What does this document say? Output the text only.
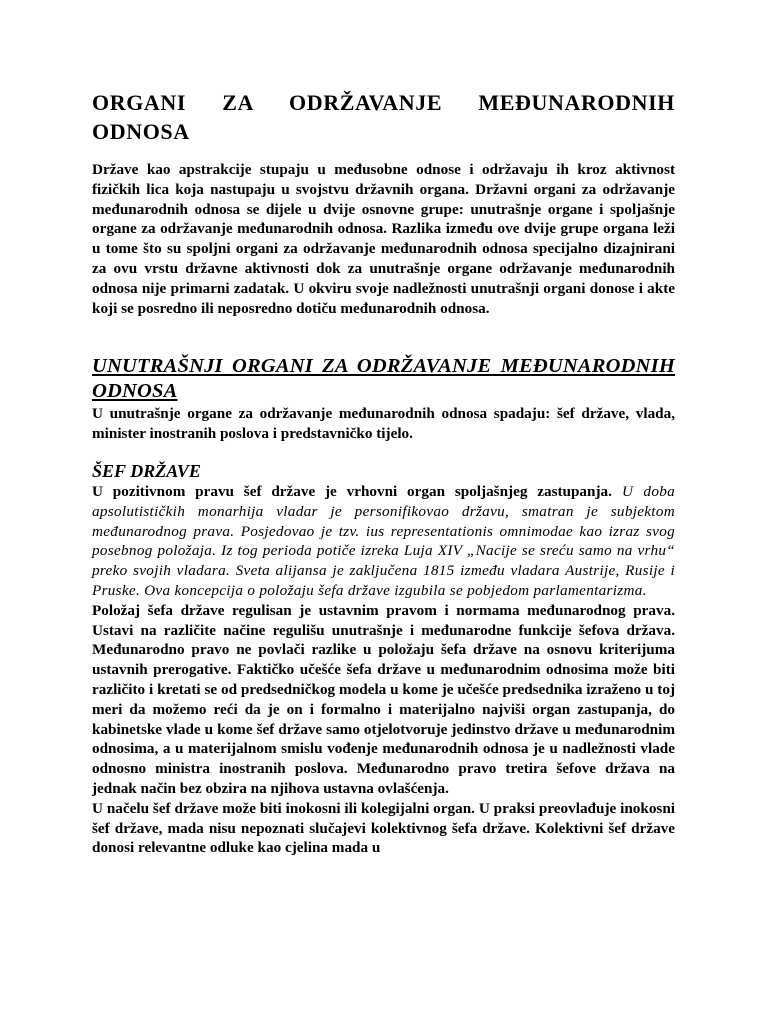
ORGANI ZA ODRŽAVANJE MEĐUNARODNIH ODNOSA

Države kao apstrakcije stupaju u međusobne odnose i održavaju ih kroz aktivnost fizičkih lica koja nastupaju u svojstvu državnih organa. Državni organi za održavanje međunarodnih odnosa se dijele u dvije osnovne grupe: unutrašnje organe i spoljašnje organe za održavanje međunarodnih odnosa. Razlika između ove dvije grupe organa leži u tome što su spoljni organi za održavanje međunarodnih odnosa specijalno dizajnirani za ovu vrstu državne aktivnosti dok za unutrašnje organe održavanje međunarodnih odnosa nije primarni zadatak. U okviru svoje nadležnosti unutrašnji organi donose i akte koji se posredno ili neposredno dotiču međunarodnih odnosa.

UNUTRAŠNJI ORGANI ZA ODRŽAVANJE MEĐUNARODNIH ODNOSA

U unutrašnje organe za održavanje međunarodnih odnosa spadaju: šef države, vlada, minister inostranih poslova i predstavničko tijelo.

ŠEF DRŽAVE

U pozitivnom pravu šef države je vrhovni organ spoljašnjeg zastupanja. U doba apsolutističkih monarhija vladar je personifikovao državu, smatran je subjektom međunarodnog prava. Posjedovao je tzv. ius representationis omnimodae kao izraz svog posebnog položaja. Iz tog perioda potiče izreka Luja XIV „Nacije se sreću samo na vrhu“ preko svojih vladara. Sveta alijansa je zaključena 1815 između vladara Austrije, Rusije i Pruske. Ova koncepcija o položaju šefa države izgubila se pobjedom parlamentarizma.

Položaj šefa države regulisan je ustavnim pravom i normama međunarodnog prava. Ustavi na različite načine regulišu unutrašnje i međunarodne funkcije šefova država. Međunarodno pravo ne povlači razlike u položaju šefa države na osnovu kriterijuma ustavnih prerogative. Faktičko učešće šefa države u međunarodnim odnosima može biti različito i kretati se od predsedničkog modela u kome je učešće predsednika izraženo u toj meri da možemo reći da je on i formalno i materijalno najviši organ zastupanja, do kabinetske vlade u kome šef države samo otjelotvoruje jedinstvo države u međunarodnim odnosima, a u materijalnom smislu vođenje međunarodnih odnosa je u nadležnosti vlade odnosno ministra inostranih poslova. Međunarodno pravo tretira šefove država na jednak način bez obzira na njihova ustavna ovlašćenja.

U načelu šef države može biti inokosni ili kolegijalni organ. U praksi preovlađuje inokosni šef države, mada nisu nepoznati slučajevi kolektivnog šefa države. Kolektivni šef države donosi relevantne odluke kao cjelina mada u
